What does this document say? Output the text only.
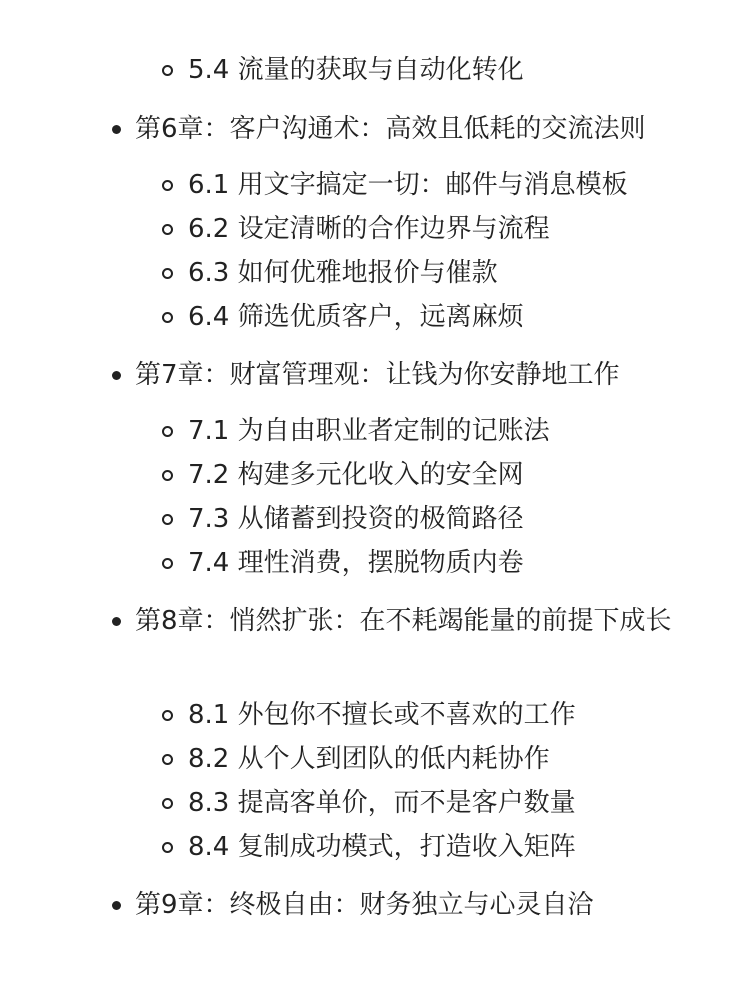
5.4 流量的获取与自动化转化
第6章：客户沟通术：高效且低耗的交流法则
6.1 用文字搞定一切：邮件与消息模板
6.2 设定清晰的合作边界与流程
6.3 如何优雅地报价与催款
6.4 筛选优质客户，远离麻烦
第7章：财富管理观：让钱为你安静地工作
7.1 为自由职业者定制的记账法
7.2 构建多元化收入的安全网
7.3 从储蓄到投资的极简路径
7.4 理性消费，摆脱物质内卷
第8章：悄然扩张：在不耗竭能量的前提下成长
8.1 外包你不擅长或不喜欢的工作
8.2 从个人到团队的低内耗协作
8.3 提高客单价，而不是客户数量
8.4 复制成功模式，打造收入矩阵
第9章：终极自由：财务独立与心灵自洽
